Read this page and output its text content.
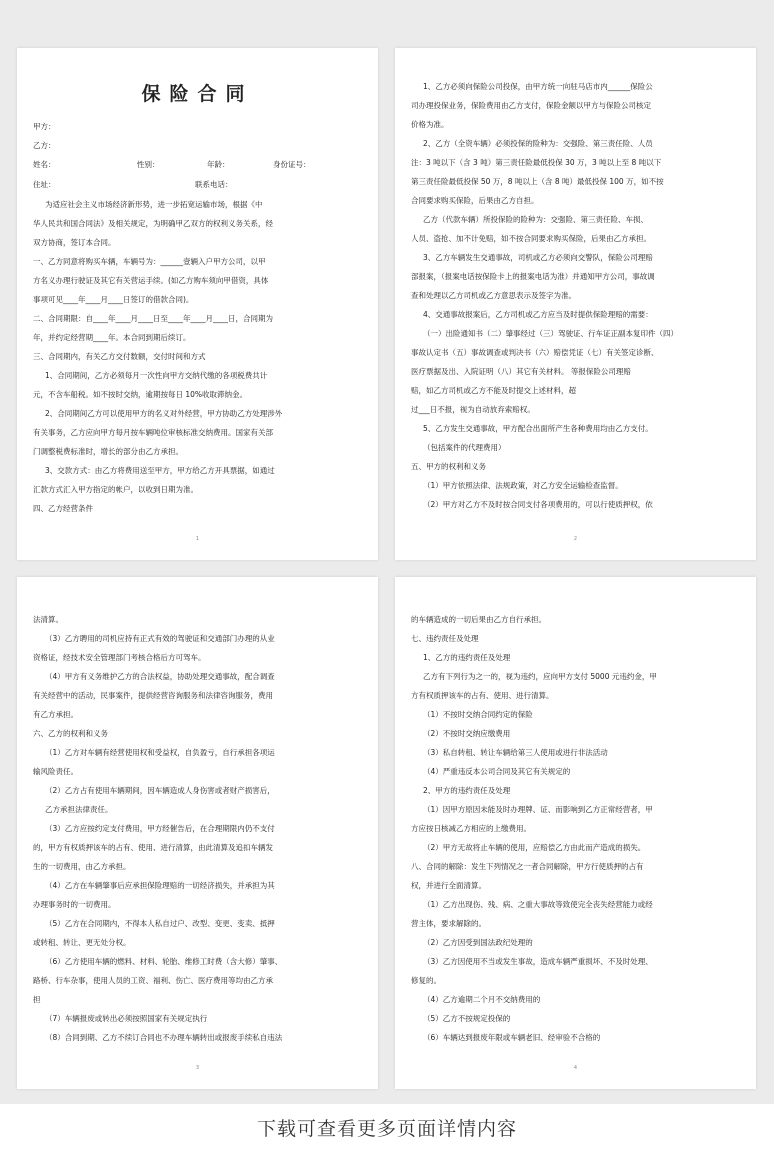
保险合同
甲方：
乙方：
姓名：	性别：	年龄：	身份证号：
住址：	联系电话：
为适应社会主义市场经济新形势，进一步拓宽运输市场，根据《中
华人民共和国合同法》及相关规定，为明确甲乙双方的权利义务关系，经
双方协商，签订本合同。
一、乙方同意将购买车辆，车辆号为：______壹辆入户甲方公司，以甲
方名义办理行驶证及其它有关营运手续。(如乙方购车须向甲借资，具体
事项可见____年____月____日签订的借款合同)。
二、合同期限：自____年____月____日至____年____月____日，合同期为
年，并约定经营期____年。本合同到期后续订。
三、合同期内，有关乙方交付数额，交付时间和方式
1、合同期间，乙方必须每月一次性向甲方交纳代缴的各项税费共计
元，不含车船税。如不按时交纳，逾期按每日 10%收取滞纳金。
2、合同期间乙方可以使用甲方的名义对外经营，甲方协助乙方处理涉外
有关事务，乙方应向甲方每月按车辆吨位审核标准交纳费用。国家有关部
门调整税费标准时，增长的部分由乙方承担。
3、交款方式：由乙方将费用送至甲方，甲方给乙方开具票据，如通过
汇款方式汇入甲方指定的帐户，以收到日期为准。
四、乙方经营条件
1
1、乙方必须向保险公司投保，由甲方统一向驻马店市内______保险公
司办理投保业务，保险费用由乙方支付，保险金额以甲方与保险公司核定
价格为准。
2、乙方（全资车辆）必须投保的险种为：交强险、第三责任险、人员
注：3 吨以下（含 3 吨）第三责任险最低投保 30 万，3 吨以上至 8 吨以下
第三责任险最低投保 50 万，8 吨以上（含 8 吨）最低投保 100 万，如不按
合同要求购买保险，后果由乙方自担。
乙方（代款车辆）所投保险的险种为：交强险、第三责任险、车损、
人员、盗抢、加不计免赔，如不按合同要求购买保险，后果由乙方承担。
3、乙方车辆发生交通事故，司机或乙方必须向交警队，保险公司理赔
部报案，（报案电话按保险卡上的报案电话为准）并通知甲方公司，事故调
查和处理以乙方司机或乙方意思表示及签字为准。
4、交通事故报案后，乙方司机或乙方应当及时提供保险理赔的需要：
（一）出险通知书（二）肇事经过（三）驾驶证、行车证正副本复印件（四）
事故认定书（五）事故调查或判决书（六）赔偿凭证（七）有关签定诊断、
医疗票据及出、入院证明（八）其它有关材料。 等报保险公司理赔
赔，如乙方司机或乙方不能及时提交上述材料，超
过___日不报，视为自动放弃索赔权。
5、乙方发生交通事故，甲方配合出面所产生各种费用均由乙方支付。
（包括案件的代理费用）
五、甲方的权利和义务
（1）甲方依照法律、法规政策，对乙方安全运输检查监督。
（2）甲方对乙方不及时按合同支付各项费用的，可以行使质押权，依
2
法清算。
（3）乙方聘用的司机应持有正式有效的驾驶证和交通部门办理的从业
资格证，经技术安全管理部门考核合格后方可驾车。
（4）甲方有义务维护乙方的合法权益，协助处理交通事故，配合调查
有关经营中的活动，民事案件，提供经营咨询服务和法律咨询服务，费用
有乙方承担。
六、乙方的权利和义务
（1）乙方对车辆有经营使用权和受益权，自负盈亏，自行承担各项运
输风险责任。
（2）乙方占有使用车辆期间，因车辆造成人身伤害或者财产损害后，
乙方承担法律责任。
（3）乙方应按约定支付费用，甲方经催告后，在合理期限内仍不支付
的，甲方有权质押该车的占有、使用、进行清算，由此清算及追扣车辆发
生的一切费用，由乙方承担。
（4）乙方在车辆肇事后应承担保险理赔的一切经济损失，并承担为其
办理事务时的一切费用。
（5）乙方在合同期内，不得本人私自过户、改型、变更、变卖、抵押
或转租、转让、更无处分权。
（6）乙方使用车辆的燃料、材料、轮胎、维修工时费（含大修）肇事、
路桥、行车杂事，使用人员的工资、福利、伤亡、医疗费用等均由乙方承
担
（7）车辆报废或转出必须按照国家有关规定执行
（8）合同到期、乙方不续订合同也不办理车辆转出或报废手续私自违法
3
的车辆造成的一切后果由乙方自行承担。
七、违约责任及处理
1、乙方的违约责任及处理
乙方有下列行为之一的，视为违约，应向甲方支付 5000 元违约金，甲
方有权质押该车的占有、使用、进行清算。
（1）不按时交纳合同约定的保险
（2）不按时交纳应缴费用
（3）私自转租、转让车辆给第三人使用或进行非法活动
（4）严重违反本公司合同及其它有关规定的
2、甲方的违约责任及处理
（1）因甲方原因未能及时办理牌、证、而影响到乙方正常经营者，甲
方应按日核减乙方相应的上缴费用。
（2）甲方无故将止车辆的使用，应赔偿乙方由此而产造成的损失。
八、合同的解除：发生下列情况之一者合同解除，甲方行使质押的占有
权，并进行全面清算。
（1）乙方出现伤、残、病、之重大事故等致使完全丧失经营能力或经
营主体，要求解除的。
（2）乙方因受到国法政纪处理的
（3）乙方因使用不当或发生事故，造成车辆严重损坏、不及时处理、
修复的。
（4）乙方逾期二个月不交纳费用的
（5）乙方不按规定投保的
（6）车辆达到报废年限或车辆老旧、经审验不合格的
4
下载可查看更多页面详情内容
